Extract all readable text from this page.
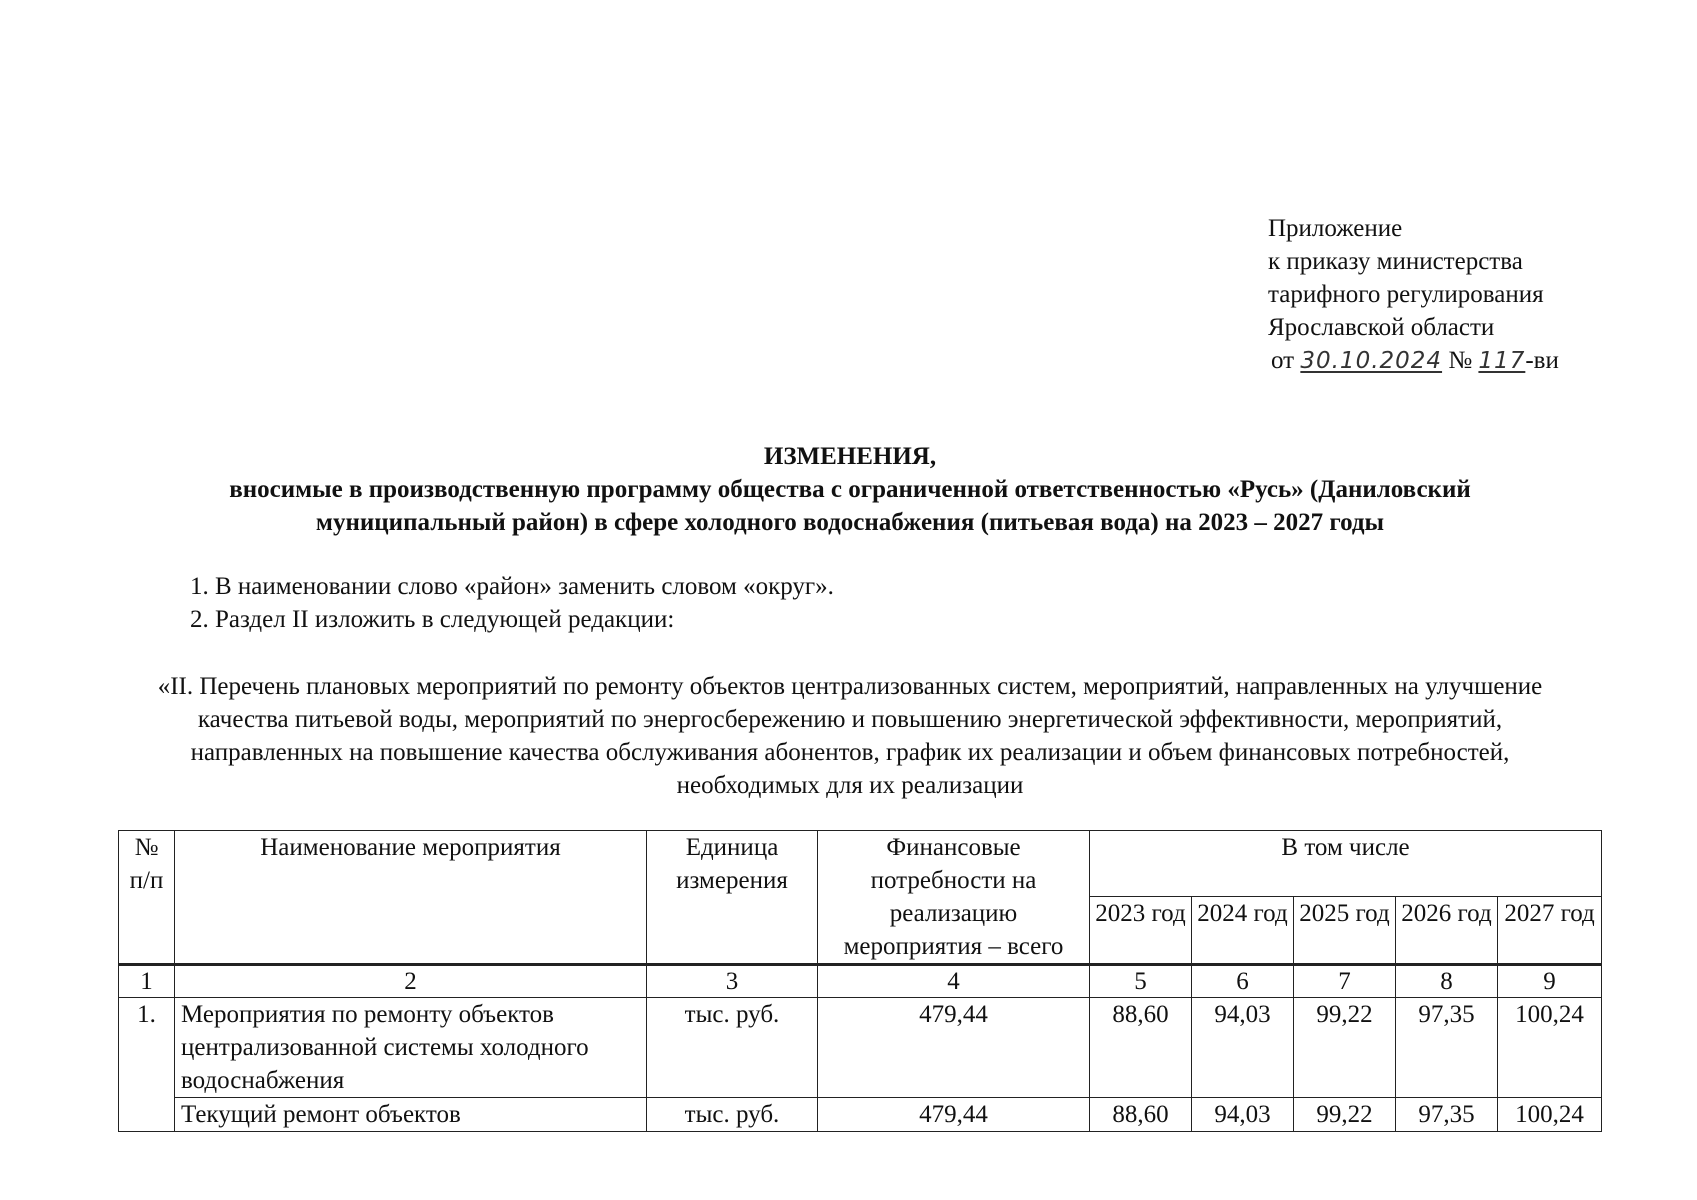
Приложение
к приказу министерства
тарифного регулирования
Ярославской области
от 30.10.2024 № 117-ви
ИЗМЕНЕНИЯ,
вносимые в производственную программу общества с ограниченной ответственностью «Русь» (Даниловский муниципальный район) в сфере холодного водоснабжения (питьевая вода) на 2023 – 2027 годы
1. В наименовании слово «район» заменить словом «округ».
2. Раздел II изложить в следующей редакции:
«II. Перечень плановых мероприятий по ремонту объектов централизованных систем, мероприятий, направленных на улучшение качества питьевой воды, мероприятий по энергосбережению и повышению энергетической эффективности, мероприятий, направленных на повышение качества обслуживания абонентов, график их реализации и объем финансовых потребностей, необходимых для их реализации
№ п/п	Наименование мероприятия	Единица измерения	Финансовые потребности на реализацию мероприятия – всего	В том числе				
				2023 год	2024 год	2025 год	2026 год	2027 год
1	2	3	4	5	6	7	8	9
1.	Мероприятия по ремонту объектов централизованной системы холодного водоснабжения	тыс. руб.	479,44	88,60	94,03	99,22	97,35	100,24
	Текущий ремонт объектов	тыс. руб.	479,44	88,60	94,03	99,22	97,35	100,24
